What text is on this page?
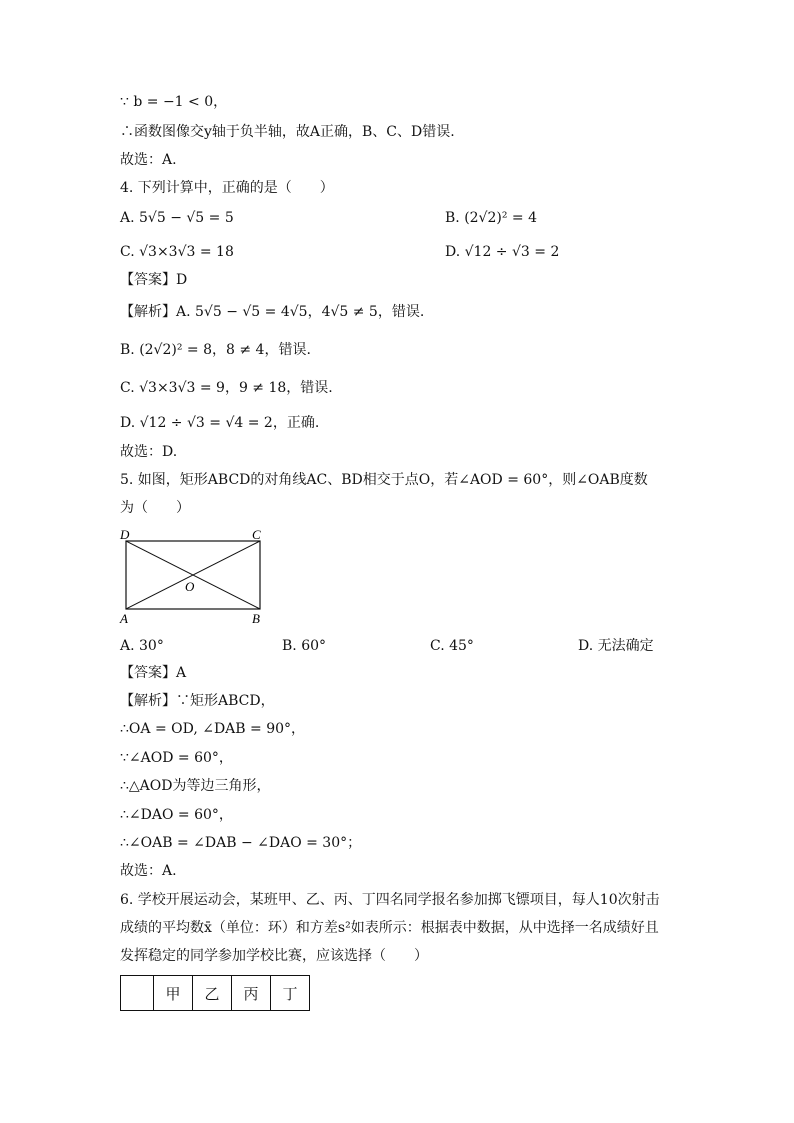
∵ b = −1 < 0，
∴函数图像交y轴于负半轴，故A正确，B、C、D错误.
故选：A.
4. 下列计算中，正确的是（　　）
A. 5√5 − √5 = 5	B. (2√2)² = 4
C. √3×3√3 = 18	D. √12 ÷ √3 = 2
【答案】D
【解析】A. 5√5 − √5 = 4√5，4√5 ≠ 5，错误.
B. (2√2)² = 8，8 ≠ 4，错误.
C. √3×3√3 = 9，9 ≠ 18，错误.
D. √12 ÷ √3 = √4 = 2，正确.
故选：D.
5. 如图，矩形ABCD的对角线AC、BD相交于点O，若∠AOD = 60°，则∠OAB度数
为（　　）
D	C
O
A	B
A. 30°	B. 60°	C. 45°	D. 无法确定
【答案】A
【解析】∵矩形ABCD，
∴OA = OD, ∠DAB = 90°，
∵∠AOD = 60°，
∴△AOD为等边三角形，
∴∠DAO = 60°，
∴∠OAB = ∠DAB − ∠DAO = 30°；
故选：A.
6. 学校开展运动会，某班甲、乙、丙、丁四名同学报名参加掷飞镖项目，每人10次射击
成绩的平均数x̄（单位：环）和方差s²如表所示：根据表中数据，从中选择一名成绩好且
发挥稳定的同学参加学校比赛，应该选择（　　）
	甲	乙	丙	丁
